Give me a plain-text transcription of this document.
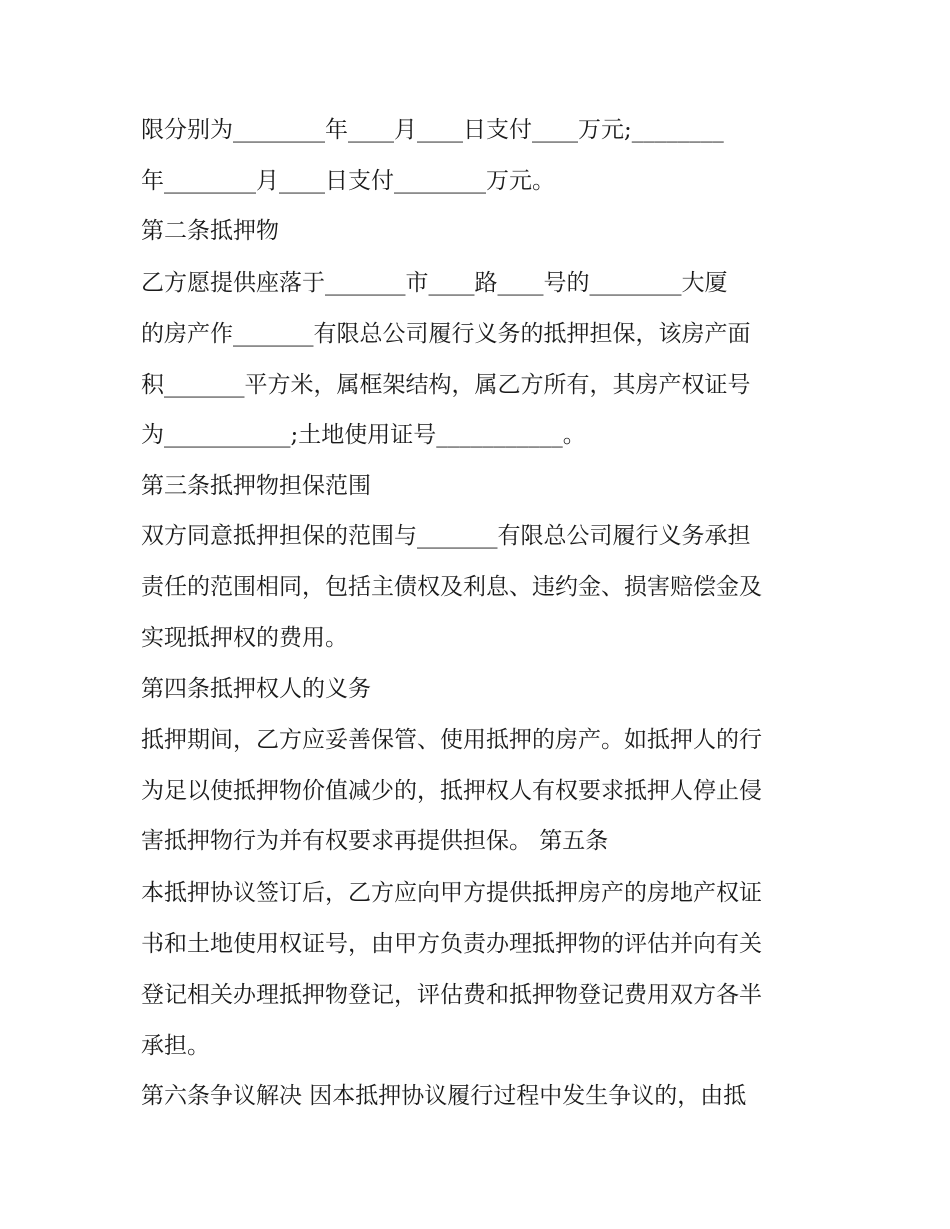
限分别为________年____月____日支付____万元;________

年________月____日支付________万元。

第二条抵押物

乙方愿提供座落于_______市____路____号的________大厦

的房产作_______有限总公司履行义务的抵押担保，该房产面

积_______平方米，属框架结构，属乙方所有，其房产权证号

为___________;土地使用证号___________。

第三条抵押物担保范围

双方同意抵押担保的范围与_______有限总公司履行义务承担

责任的范围相同，包括主债权及利息、违约金、损害赔偿金及

实现抵押权的费用。

第四条抵押权人的义务

抵押期间，乙方应妥善保管、使用抵押的房产。如抵押人的行

为足以使抵押物价值减少的，抵押权人有权要求抵押人停止侵

害抵押物行为并有权要求再提供担保。 第五条

本抵押协议签订后，乙方应向甲方提供抵押房产的房地产权证

书和土地使用权证号，由甲方负责办理抵押物的评估并向有关

登记相关办理抵押物登记，评估费和抵押物登记费用双方各半

承担。

第六条争议解决 因本抵押协议履行过程中发生争议的，由抵
